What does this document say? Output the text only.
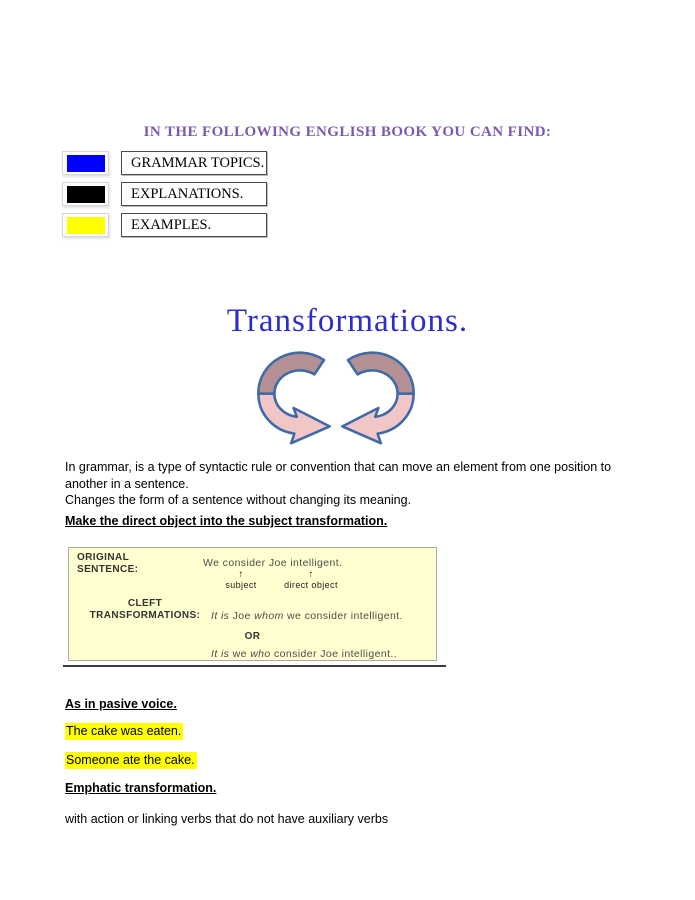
IN THE FOLLOWING ENGLISH BOOK YOU CAN FIND:
GRAMMAR TOPICS.
EXPLANATIONS.
EXAMPLES.
Transformations.
In grammar, is a type of syntactic rule or convention that can move an element from one position to another in a sentence.
Changes the form of a sentence without changing its meaning.
Make the direct object into the subject transformation.
ORIGINAL
SENTENCE:
We consider Joe intelligent.
↑
subject
↑
direct object
CLEFT
TRANSFORMATIONS:	It is Joe whom we consider intelligent.
OR
It is we who consider Joe intelligent..
As in pasive voice.
The cake was eaten.
Someone ate the cake.
Emphatic transformation.
with action or linking verbs that do not have auxiliary verbs
